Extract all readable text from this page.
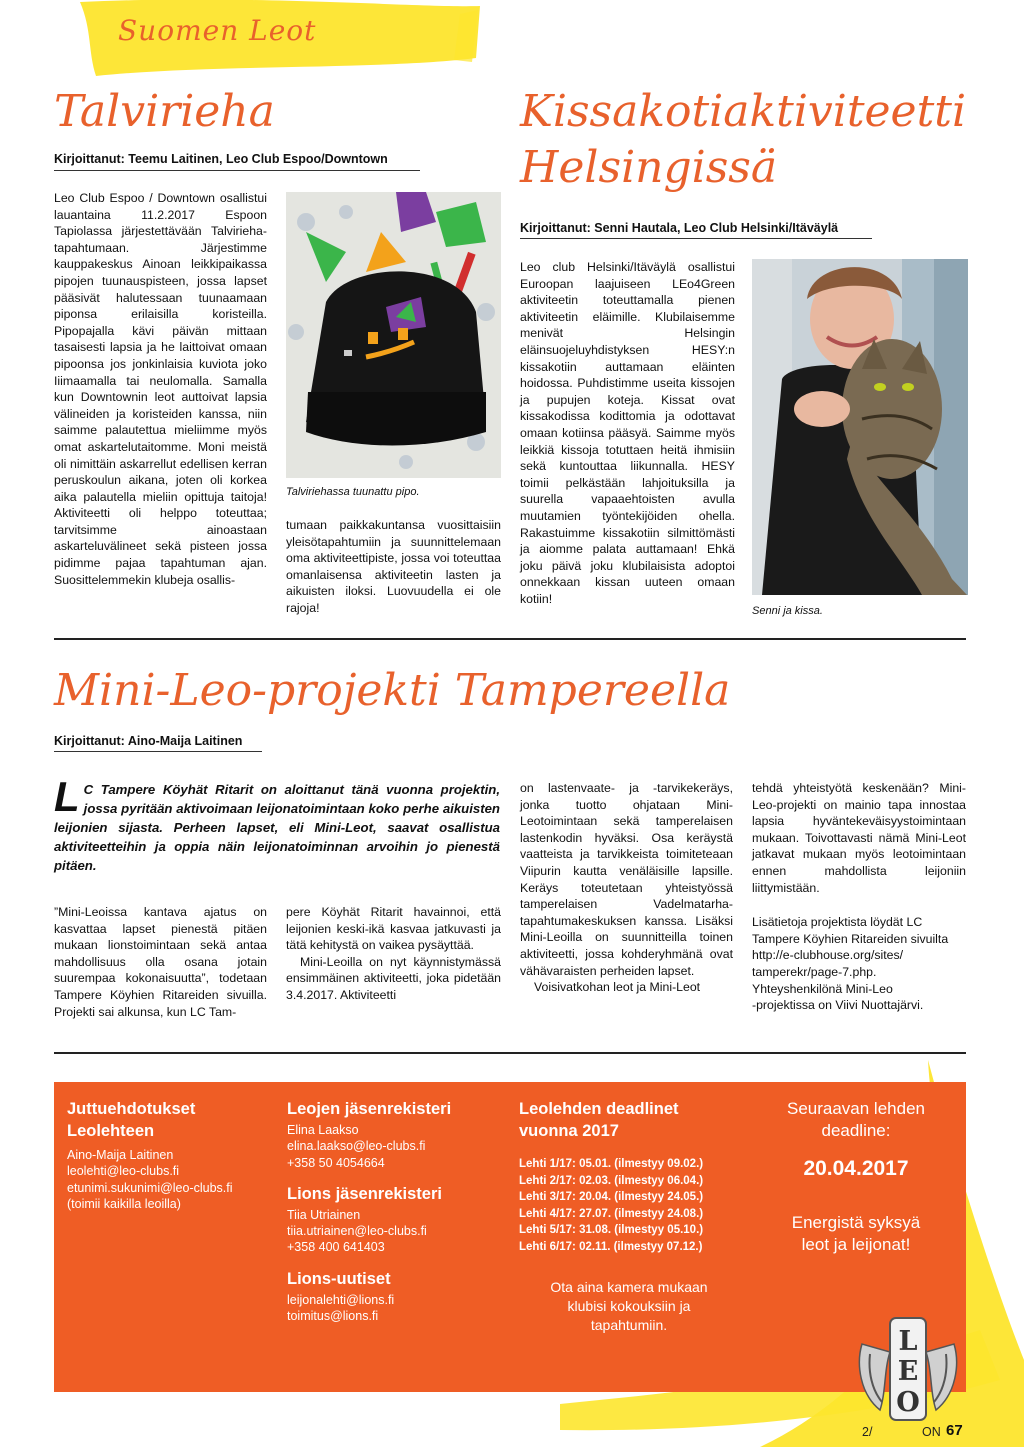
Suomen Leot
Talvirieha
Kirjoittanut: Teemu Laitinen, Leo Club Espoo/Downtown
Leo Club Espoo / Downtown osallistui lauantaina 11.2.2017 Espoon Tapiolassa järjestettävään Talvirieha-tapahtumaan. Järjestimme kauppakeskus Ainoan leikkipaikassa pipojen tuunauspisteen, jossa lapset pääsivät halutessaan tuunaamaan piponsa erilaisilla koristeilla. Pipopajalla kävi päivän mittaan tasaisesti lapsia ja he laittoivat omaan pipoonsa jos jonkinlaisia kuviota joko Iiimaamalla tai neulomalla. Samalla kun Downtownin leot auttoivat lapsia välineiden ja koristeiden kanssa, niin saimme palautettua mieliimme myös omat askartelutaitomme. Moni meistä oli nimittäin askarrellut edellisen kerran peruskoulun aikana, joten oli korkea aika palautella mieliin opittuja taitoja! Aktiviteetti oli helppo toteuttaa; tarvitsimme ainoastaan askarteluvälineet sekä pisteen jossa pidimme pajaa tapahtuman ajan. Suosittelemmekin klubeja osallis-
Talviriehassa tuunattu pipo.
tumaan paikkakuntansa vuosittaisiin yleisötapahtumiin ja suunnittelemaan oma aktiviteettipiste, jossa voi toteuttaa omanlaisensa aktiviteetin lasten ja aikuisten iloksi. Luovuudella ei ole rajoja!
Kissakotiaktiviteetti
Helsingissä
Kirjoittanut: Senni Hautala, Leo Club Helsinki/Itäväylä
Leo club Helsinki/Itäväylä osallistui Euroopan laajuiseen LEo4Green aktiviteetin toteuttamalla pienen aktiviteetin eläimille. Klubilaisemme menivät Helsingin eläinsuojeluyhdistyksen HESY:n kissakotiin auttamaan eläinten hoidossa. Puhdistimme useita kissojen ja pupujen koteja. Kissat ovat kissakodissa kodittomia ja odottavat omaan kotiinsa pääsyä. Saimme myös leikkiä kissoja totuttaen heitä ihmisiin sekä kuntouttaa liikunnalla. HESY toimii pelkästään lahjoituksilla ja suurella vapaaehtoisten avulla muutamien työntekijöiden ohella. Rakastuimme kissakotiin silmittömästi ja aiomme palata auttamaan! Ehkä joku päivä joku klubilaisista adoptoi onnekkaan kissan uuteen omaan kotiin!
Senni ja kissa.
Mini-Leo-projekti Tampereella
Kirjoittanut: Aino-Maija Laitinen
L C Tampere Köyhät Ritarit on aloittanut tänä vuonna projektin, jossa pyritään aktivoimaan leijonatoimintaan koko perhe aikuisten leijonien sijasta. Perheen lapset, eli Mini-Leot, saavat osallistua aktiviteetteihin ja oppia näin leijonatoiminnan arvoihin jo pienestä pitäen.
”Mini-Leoissa kantava ajatus on kasvattaa lapset pienestä pitäen mukaan lionstoimintaan sekä antaa mahdollisuus olla osana jotain suurempaa kokonaisuutta”, todetaan Tampere Köyhien Ritareiden sivuilla. Projekti sai alkunsa, kun LC Tam-
pere Köyhät Ritarit havainnoi, että leijonien keski-ikä kasvaa jatkuvasti ja tätä kehitystä on vaikea pysäyttää.
Mini-Leoilla on nyt käynnistymässä ensimmäinen aktiviteetti, joka pidetään 3.4.2017. Aktiviteetti
on lastenvaate- ja -tarvikekeräys, jonka tuotto ohjataan Mini-Leotoimintaan sekä tamperelaisen lastenkodin hyväksi. Osa keräystä vaatteista ja tarvikkeista toimiteteaan Viipurin kautta venäläisille lapsille. Keräys toteutetaan yhteistyössä tamperelaisen Vadelmatarha-tapahtumakeskuksen kanssa. Lisäksi Mini-Leoilla on suunnitteilla toinen aktiviteetti, jossa kohderyhmänä ovat vähävaraisten perheiden lapset.
Voisivatkohan leot ja Mini-Leot
tehdä yhteistyötä keskenään? Mini-Leo-projekti on mainio tapa innostaa lapsia hyväntekeväisyystoimintaan mukaan. Toivottavasti nämä Mini-Leot jatkavat mukaan myös leotoimintaan ennen mahdollista leijoniin liittymistään.
Lisätietoja projektista löydät LC
Tampere Köyhien Ritareiden sivuilta
http://e-clubhouse.org/sites/
tamperekr/page-7.php.
Yhteyshenkilönä Mini-Leo
-projektissa on Viivi Nuottajärvi.
Juttuehdotukset
Leolehteen
Aino-Maija Laitinen
leolehti@leo-clubs.fi
etunimi.sukunimi@leo-clubs.fi
(toimii kaikilla leoilla)
Leojen jäsenrekisteri
Elina Laakso
elina.laakso@leo-clubs.fi
+358 50 4054664
Lions jäsenrekisteri
Tiia Utriainen
tiia.utriainen@leo-clubs.fi
+358 400 641403
Lions-uutiset
leijonalehti@lions.fi
toimitus@lions.fi
Leolehden deadlinet
vuonna 2017
Lehti 1/17: 05.01. (ilmestyy 09.02.)
Lehti 2/17: 02.03. (ilmestyy 06.04.)
Lehti 3/17: 20.04. (ilmestyy 24.05.)
Lehti 4/17: 27.07. (ilmestyy 24.08.)
Lehti 5/17: 31.08. (ilmestyy 05.10.)
Lehti 6/17: 02.11. (ilmestyy 07.12.)
Ota aina kamera mukaan
klubisi kokouksiin ja
tapahtumiin.
Seuraavan lehden
deadline:
20.04.2017
Energistä syksyä
leot ja leijonat!
L
E
O
2/	ON 67
